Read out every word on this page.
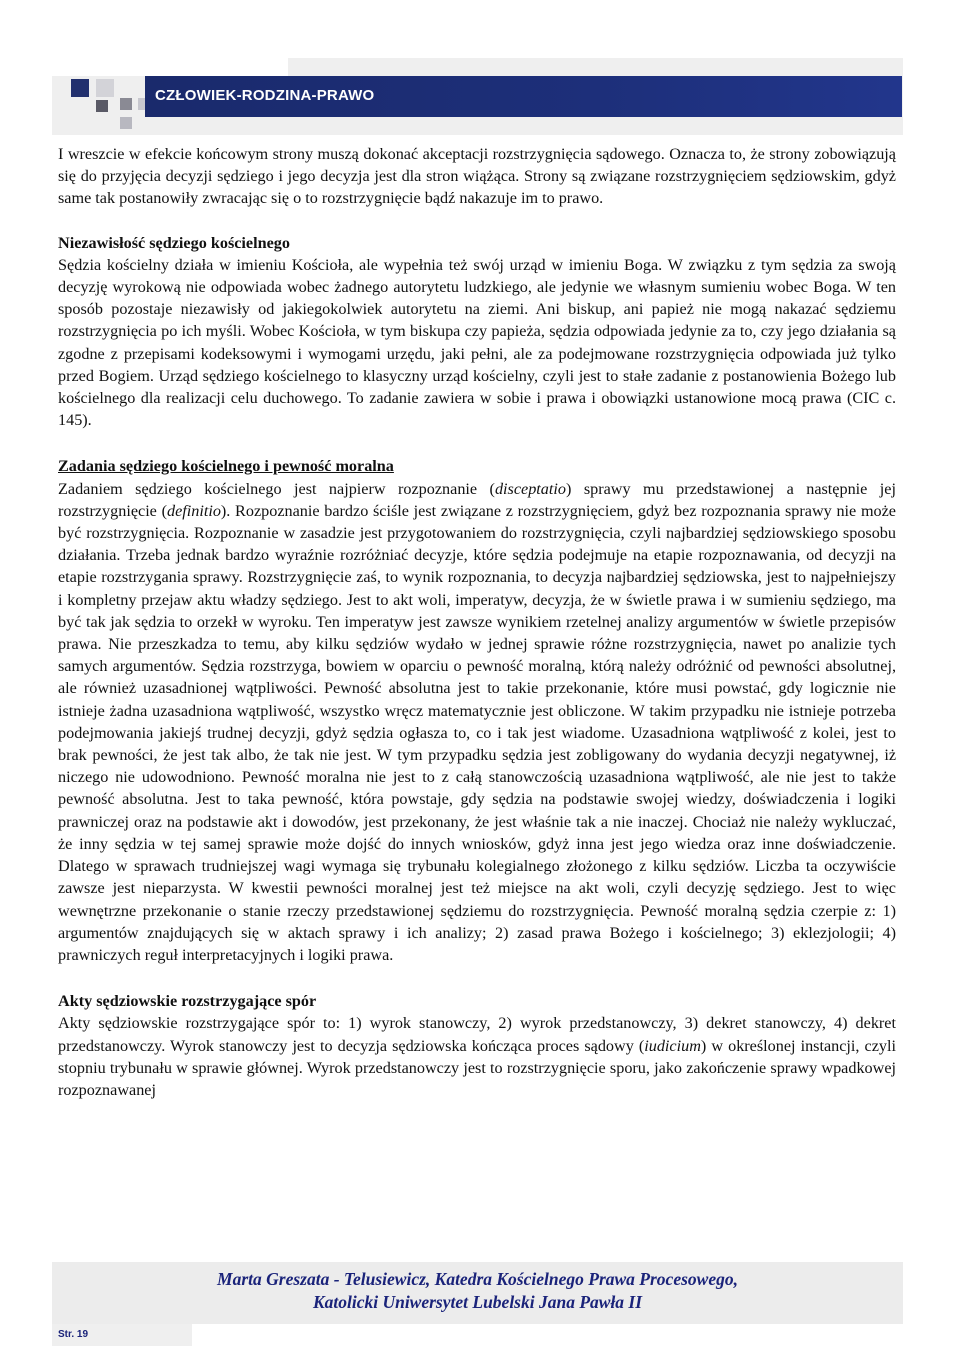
CZŁOWIEK-RODZINA-PRAWO

I wreszcie w efekcie końcowym strony muszą dokonać akceptacji rozstrzygnięcia sądowego. Oznacza to, że strony zobowiązują się do przyjęcia decyzji sędziego i jego decyzja jest dla stron wiążąca. Strony są związane rozstrzygnięciem sędziowskim, gdyż same tak postanowiły zwracając się o to rozstrzygnięcie bądź nakazuje im to prawo.

Niezawisłość sędziego kościelnego

Sędzia kościelny działa w imieniu Kościoła, ale wypełnia też swój urząd w imieniu Boga. W związku z tym sędzia za swoją decyzję wyrokową nie odpowiada wobec żadnego autorytetu ludzkiego, ale jedynie we własnym sumieniu wobec Boga. W ten sposób pozostaje niezawisły od jakiegokolwiek autorytetu na ziemi. Ani biskup, ani papież nie mogą nakazać sędziemu rozstrzygnięcia po ich myśli. Wobec Kościoła, w tym biskupa czy papieża, sędzia odpowiada jedynie za to, czy jego działania są zgodne z przepisami kodeksowymi i wymogami urzędu, jaki pełni, ale za podejmowane rozstrzygnięcia odpowiada już tylko przed Bogiem. Urząd sędziego kościelnego to klasyczny urząd kościelny, czyli jest to stałe zadanie z postanowienia Bożego lub kościelnego dla realizacji celu duchowego. To zadanie zawiera w sobie i prawa i obowiązki ustanowione mocą prawa (CIC c. 145).

Zadania sędziego kościelnego i pewność moralna

Zadaniem sędziego kościelnego jest najpierw rozpoznanie (disceptatio) sprawy mu przedstawionej a następnie jej rozstrzygnięcie (definitio). Rozpoznanie bardzo ściśle jest związane z rozstrzygnięciem, gdyż bez rozpoznania sprawy nie może być rozstrzygnięcia. Rozpoznanie w zasadzie jest przygotowaniem do rozstrzygnięcia, czyli najbardziej sędziowskiego sposobu działania. Trzeba jednak bardzo wyraźnie rozróżniać decyzje, które sędzia podejmuje na etapie rozpoznawania, od decyzji na etapie rozstrzygania sprawy. Rozstrzygnięcie zaś, to wynik rozpoznania, to decyzja najbardziej sędziowska, jest to najpełniejszy i kompletny przejaw aktu władzy sędziego. Jest to akt woli, imperatyw, decyzja, że w świetle prawa i w sumieniu sędziego, ma być tak jak sędzia to orzekł w wyroku. Ten imperatyw jest zawsze wynikiem rzetelnej analizy argumentów w świetle przepisów prawa. Nie przeszkadza to temu, aby kilku sędziów wydało w jednej sprawie różne rozstrzygnięcia, nawet po analizie tych samych argumentów. Sędzia rozstrzyga, bowiem w oparciu o pewność moralną, którą należy odróżnić od pewności absolutnej, ale również uzasadnionej wątpliwości. Pewność absolutna jest to takie przekonanie, które musi powstać, gdy logicznie nie istnieje żadna uzasadniona wątpliwość, wszystko wręcz matematycznie jest obliczone. W takim przypadku nie istnieje potrzeba podejmowania jakiejś trudnej decyzji, gdyż sędzia ogłasza to, co i tak jest wiadome. Uzasadniona wątpliwość z kolei, jest to brak pewności, że jest tak albo, że tak nie jest. W tym przypadku sędzia jest zobligowany do wydania decyzji negatywnej, iż niczego nie udowodniono. Pewność moralna nie jest to z całą stanowczością uzasadniona wątpliwość, ale nie jest to także pewność absolutna. Jest to taka pewność, która powstaje, gdy sędzia na podstawie swojej wiedzy, doświadczenia i logiki prawniczej oraz na podstawie akt i dowodów, jest przekonany, że jest właśnie tak a nie inaczej. Chociaż nie należy wykluczać, że inny sędzia w tej samej sprawie może dojść do innych wniosków, gdyż inna jest jego wiedza oraz inne doświadczenie. Dlatego w sprawach trudniejszej wagi wymaga się trybunału kolegialnego złożonego z kilku sędziów. Liczba ta oczywiście zawsze jest nieparzysta. W kwestii pewności moralnej jest też miejsce na akt woli, czyli decyzję sędziego. Jest to więc wewnętrzne przekonanie o stanie rzeczy przedstawionej sędziemu do rozstrzygnięcia. Pewność moralną sędzia czerpie z: 1) argumentów znajdujących się w aktach sprawy i ich analizy; 2) zasad prawa Bożego i kościelnego; 3) eklezjologii; 4) prawniczych reguł interpretacyjnych i logiki prawa.

Akty sędziowskie rozstrzygające spór

Akty sędziowskie rozstrzygające spór to: 1) wyrok stanowczy, 2) wyrok przedstanowczy, 3) dekret stanowczy, 4) dekret przedstanowczy. Wyrok stanowczy jest to decyzja sędziowska kończąca proces sądowy (iudicium) w określonej instancji, czyli stopniu trybunału w sprawie głównej. Wyrok przedstanowczy jest to rozstrzygnięcie sporu, jako zakończenie sprawy wpadkowej rozpoznawanej

Marta Greszata - Telusiewicz, Katedra Kościelnego Prawa Procesowego,
Katolicki Uniwersytet Lubelski Jana Pawła II
Str. 19
